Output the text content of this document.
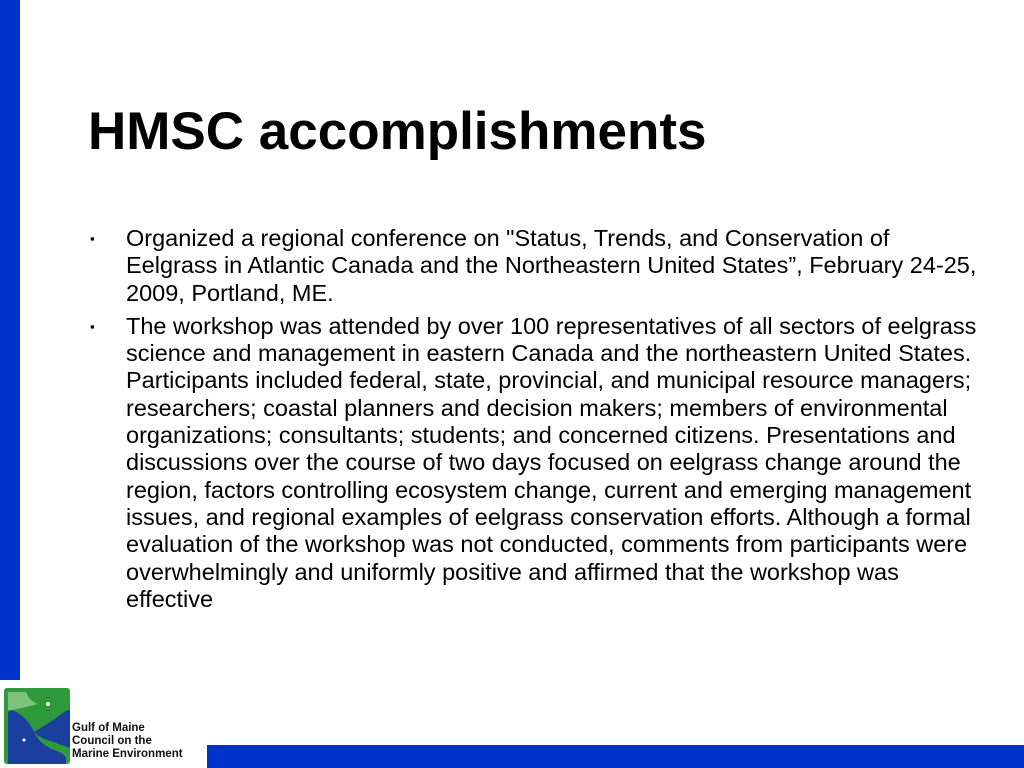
HMSC accomplishments
▪ Organized a regional conference on "Status, Trends, and Conservation of Eelgrass in Atlantic Canada and the Northeastern United States”, February 24-25, 2009, Portland, ME.
▪ The workshop was attended by over 100 representatives of all sectors of eelgrass science and management in eastern Canada and the northeastern United States. Participants included federal, state, provincial, and municipal resource managers; researchers; coastal planners and decision makers; members of environmental organizations; consultants; students; and concerned citizens. Presentations and discussions over the course of two days focused on eelgrass change around the region, factors controlling ecosystem change, current and emerging management issues, and regional examples of eelgrass conservation efforts. Although a formal evaluation of the workshop was not conducted, comments from participants were overwhelmingly and uniformly positive and affirmed that the workshop was effective
Gulf of Maine
Council on the
Marine Environment
